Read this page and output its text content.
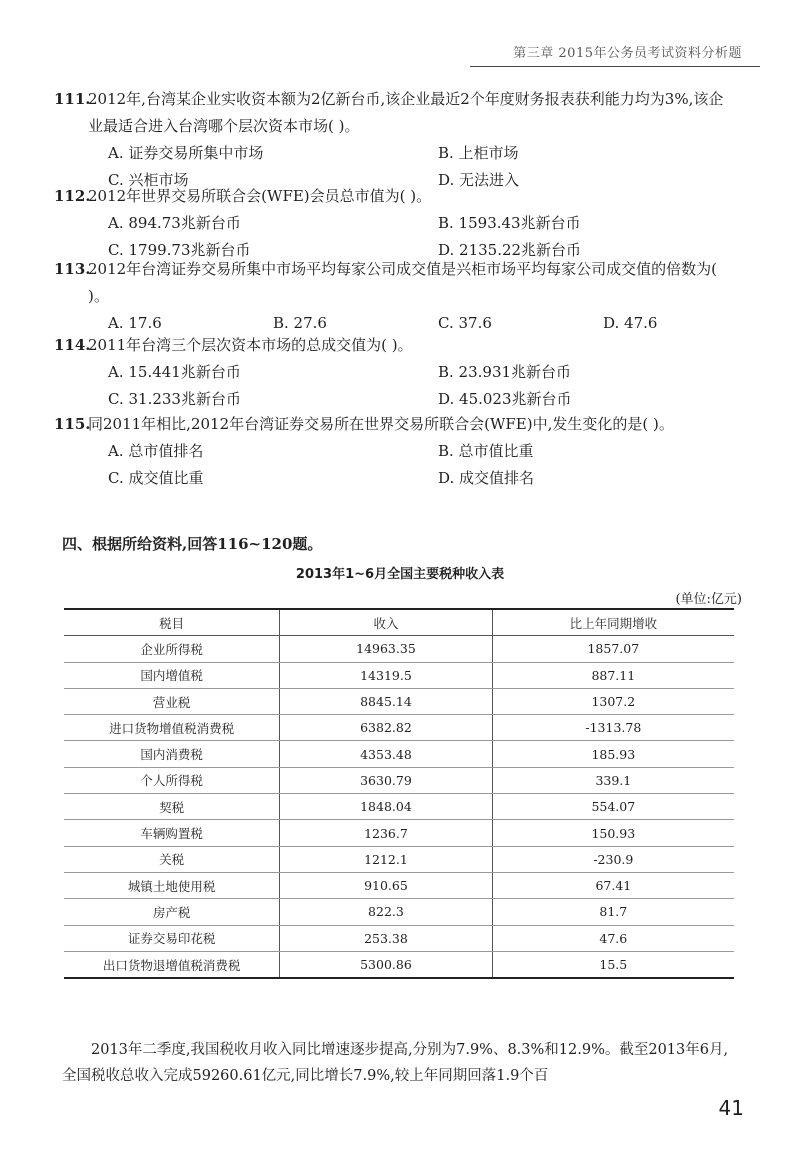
第三章 2015年公务员考试资料分析题

111.2012年,台湾某企业实收资本额为2亿新台币,该企业最近2个年度财务报表获利能力均为3%,该企业最适合进入台湾哪个层次资本市场( )。

A. 证券交易所集中市场	B. 上柜市场
C. 兴柜市场	D. 无法进入

112.2012年世界交易所联合会(WFE)会员总市值为( )。

A. 894.73兆新台币	B. 1593.43兆新台币
C. 1799.73兆新台币	D. 2135.22兆新台币

113.2012年台湾证券交易所集中市场平均每家公司成交值是兴柜市场平均每家公司成交值的倍数为( )。

A. 17.6	B. 27.6	C. 37.6	D. 47.6

114.2011年台湾三个层次资本市场的总成交值为( )。

A. 15.441兆新台币	B. 23.931兆新台币
C. 31.233兆新台币	D. 45.023兆新台币

115.同2011年相比,2012年台湾证券交易所在世界交易所联合会(WFE)中,发生变化的是( )。

A. 总市值排名	B. 总市值比重
C. 成交值比重	D. 成交值排名
四、根据所给资料,回答116~120题。
2013年1~6月全国主要税种收入表
(单位:亿元)
税目	收入	比上年同期增收
企业所得税	14963.35	1857.07
国内增值税	14319.5	887.11
营业税	8845.14	1307.2
进口货物增值税消费税	6382.82	-1313.78
国内消费税	4353.48	185.93
个人所得税	3630.79	339.1
契税	1848.04	554.07
车辆购置税	1236.7	150.93
关税	1212.1	-230.9
城镇土地使用税	910.65	67.41
房产税	822.3	81.7
证券交易印花税	253.38	47.6
出口货物退增值税消费税	5300.86	15.5

2013年二季度,我国税收月收入同比增速逐步提高,分别为7.9%、8.3%和12.9%。截至2013年6月,全国税收总收入完成59260.61亿元,同比增长7.9%,较上年同期回落1.9个百

41
